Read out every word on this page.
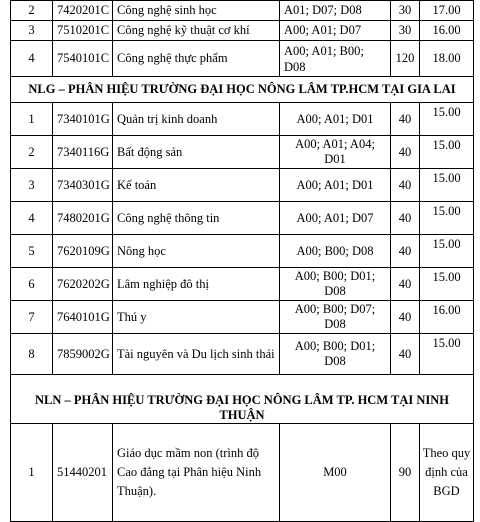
2	7420201C	Công nghệ sinh học	A01; D07; D08	30	17.00
3	7510201C	Công nghệ kỹ thuật cơ khí	A00; A01; D07	30	16.00
4	7540101C	Công nghệ thực phẩm	A00; A01; B00; D08	120	18.00
NLG – PHÂN HIỆU TRƯỜNG ĐẠI HỌC NÔNG LÂM TP.HCM TẠI GIA LAI					
1	7340101G	Quản trị kinh doanh	A00; A01; D01	40	15.00
2	7340116G	Bất động sản	A00; A01; A04; D01	40	15.00
3	7340301G	Kế toán	A00; A01; D01	40	15.00
4	7480201G	Công nghệ thông tin	A00; A01; D07	40	15.00
5	7620109G	Nông học	A00; B00; D08	40	15.00
6	7620202G	Lâm nghiệp đô thị	A00; B00; D01; D08	40	15.00
7	7640101G	Thú y	A00; B00; D07; D08	40	16.00
8	7859002G	Tài nguyên và Du lịch sinh thái	A00; B00; D01; D08	40	15.00

NLN – PHÂN HIỆU TRƯỜNG ĐẠI HỌC NÔNG LÂM TP. HCM TẠI NINH THUẬN					
1	51440201	Giáo dục mầm non (trình độ Cao đẳng tại Phân hiệu Ninh Thuận).	M00	90	Theo quy định của BGD
